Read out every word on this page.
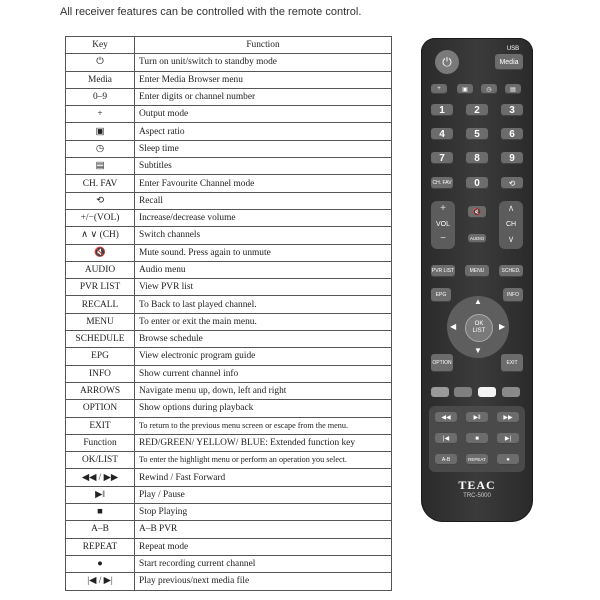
All receiver features can be controlled with the remote control.
Key	Function
⏻	Turn on unit/switch to standby mode
Media	Enter Media Browser menu
0–9	Enter digits or channel number
+	Output mode
▣	Aspect ratio
◷	Sleep time
▤	Subtitles
CH. FAV	Enter Favourite Channel mode
⟲	Recall
+/−(VOL)	Increase/decrease volume
∧ ∨ (CH)	Switch channels
🔇	Mute sound. Press again to unmute
AUDIO	Audio menu
PVR LIST	View PVR list
RECALL	To Back to last played channel.
MENU	To enter or exit the main menu.
SCHEDULE	Browse schedule
EPG	View electronic program guide
INFO	Show current channel info
ARROWS	Navigate menu up, down, left and right
OPTION	Show options during playback
EXIT	To return to the previous menu screen or escape from the menu.
Function	RED/GREEN/ YELLOW/ BLUE: Extended function key
OK/LIST	To enter the highlight menu or perform an operation you select.
◀◀ / ▶▶	Rewind / Fast Forward
▶‖	Play / Pause
■	Stop Playing
A–B	A–B PVR
REPEAT	Repeat mode
●	Start recording current channel
|◀ / ▶|	Play previous/next media file
USB
⏻	Media
+	▣	◷	▤
1	2	3
4	5	6
7	8	9
CH. FAV	0	⟲
+
VOL
−
🔇
AUDIO
∧
CH
∨
PVR LIST	MENU	SCHED.
EPG	INFO
▲
▼
◀	▶
OK
LIST
OPTION	EXIT
◀◀	▶‖	▶▶
|◀	■	▶|
A-B	REPEAT	●
TEAC
TRC-5000
